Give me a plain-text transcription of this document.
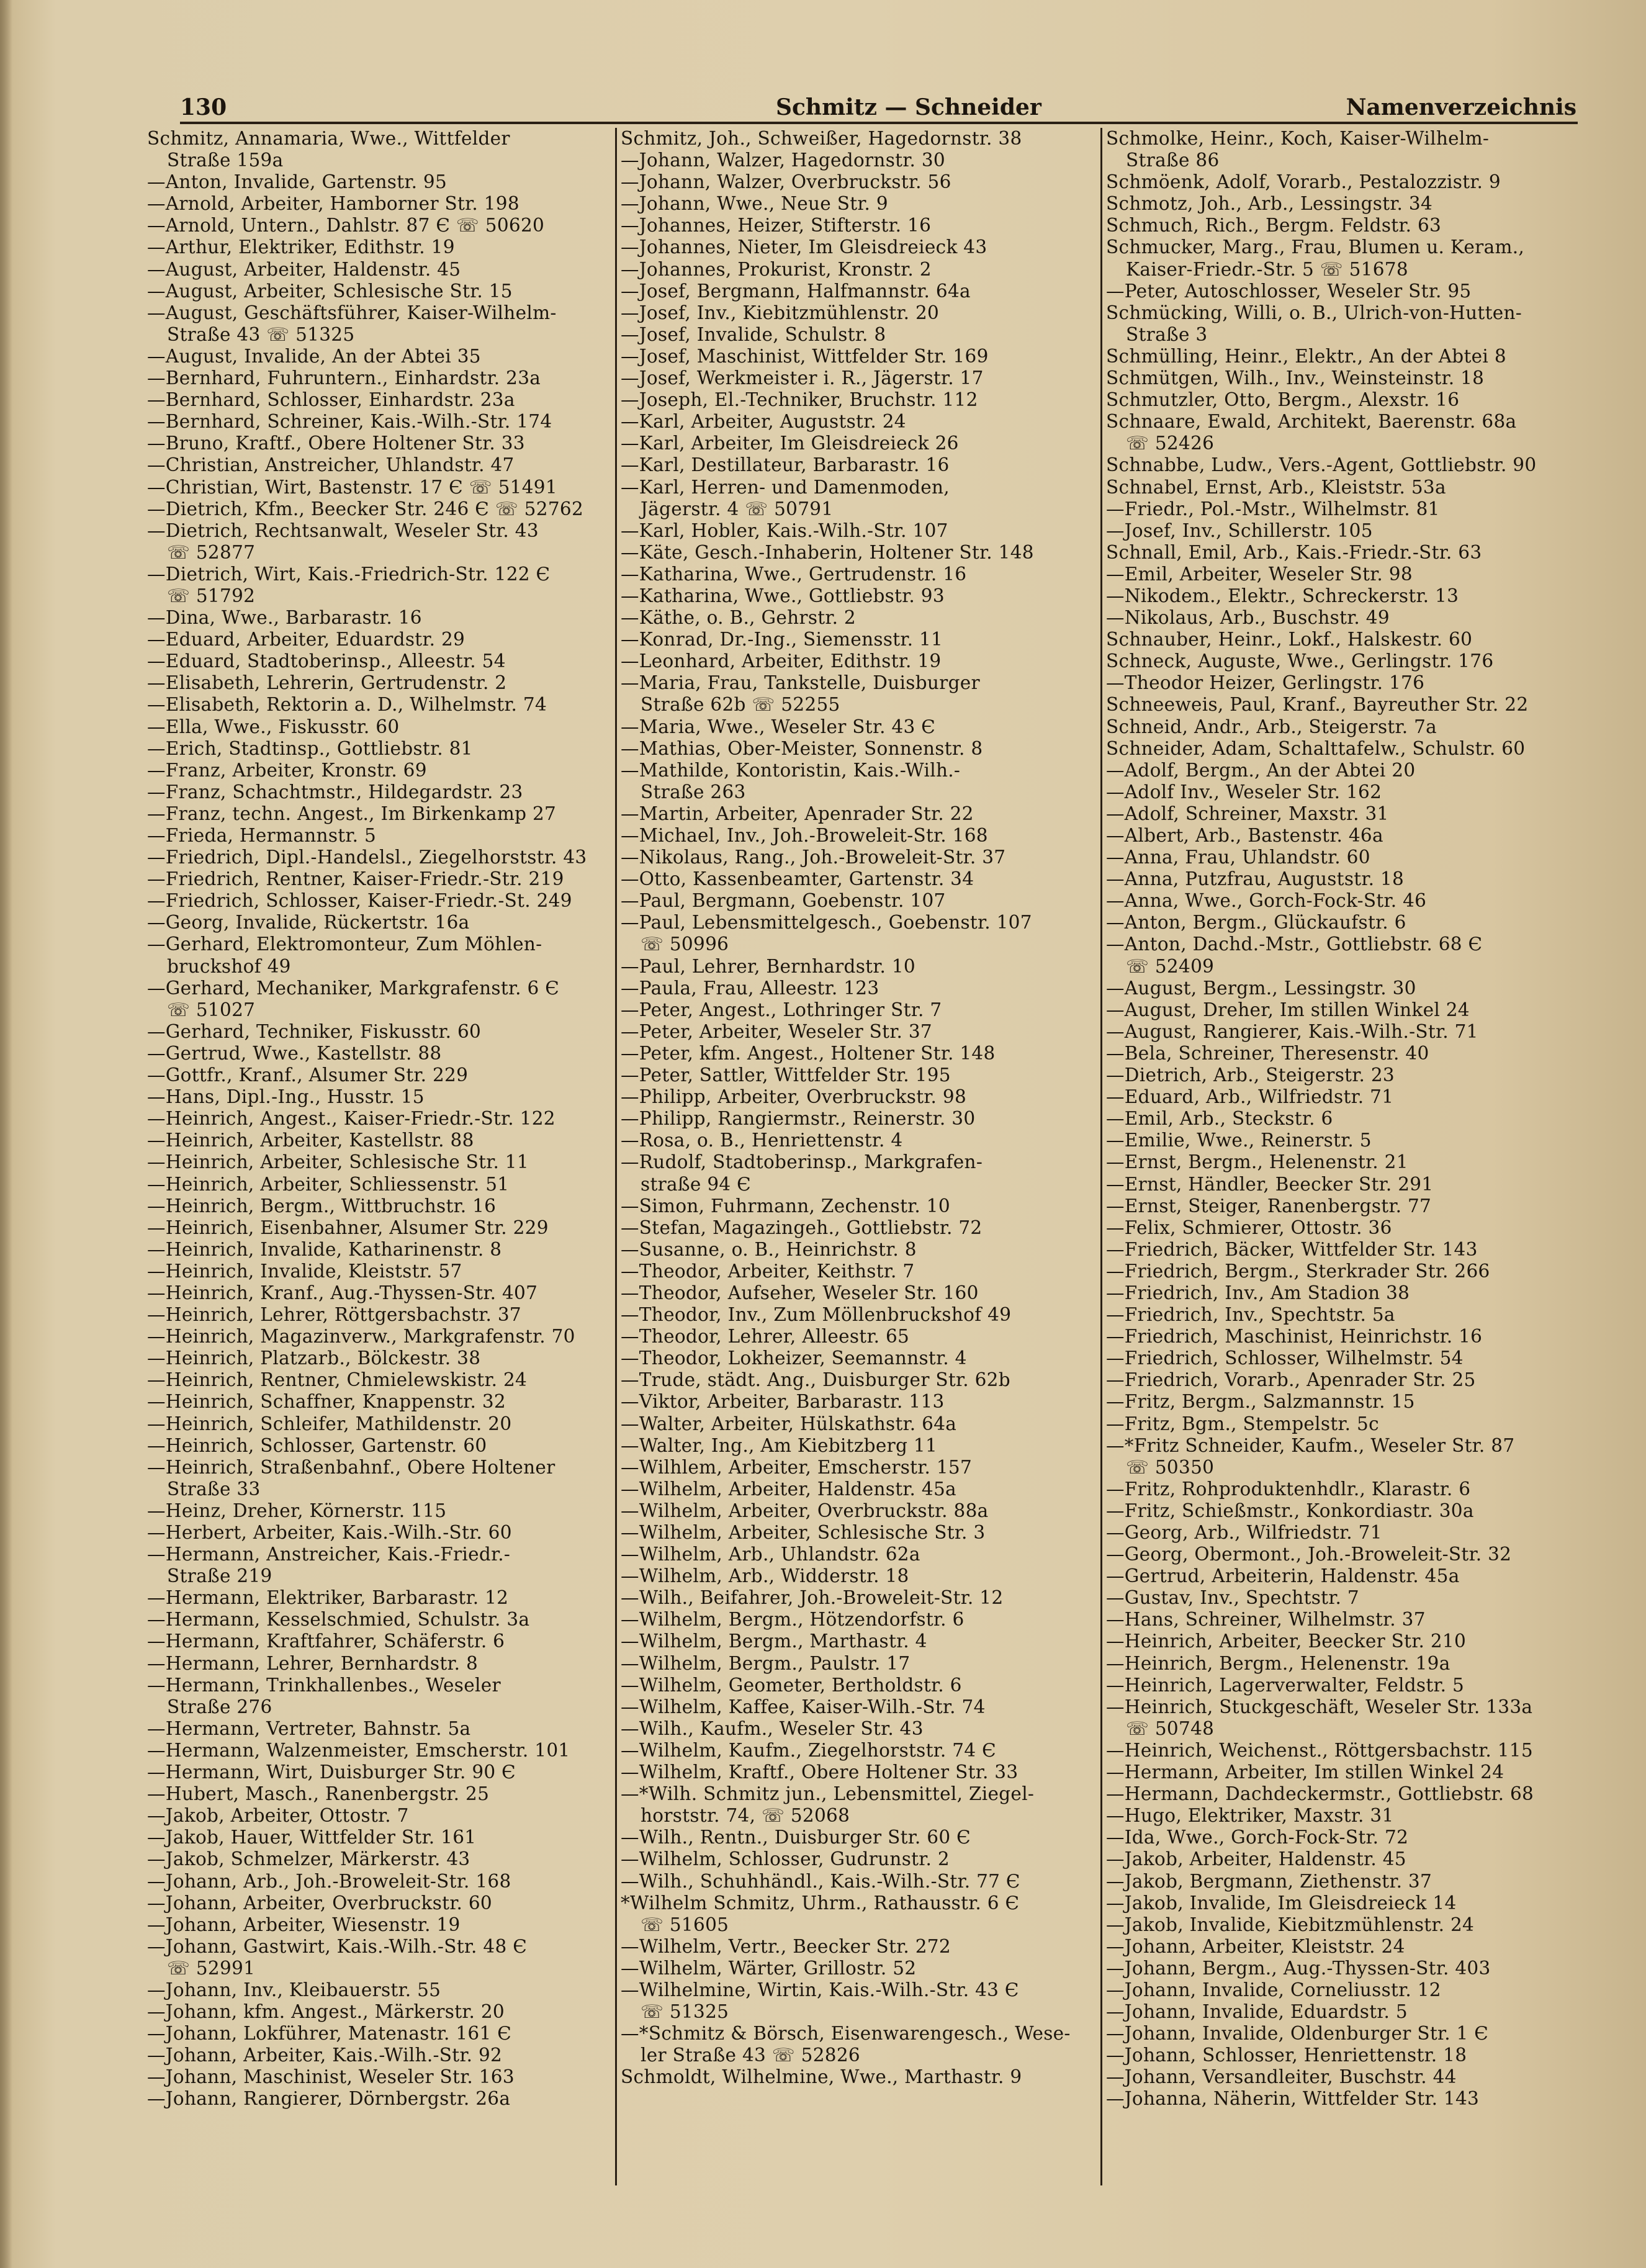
130	Schmitz — Schneider	Namenverzeichnis
Schmitz, Annamaria, Wwe., Wittfelder
Straße 159a
—Anton, Invalide, Gartenstr. 95
—Arnold, Arbeiter, Hamborner Str. 198
—Arnold, Untern., Dahlstr. 87 Є ☏ 50620
—Arthur, Elektriker, Edithstr. 19
—August, Arbeiter, Haldenstr. 45
—August, Arbeiter, Schlesische Str. 15
—August, Geschäftsführer, Kaiser-Wilhelm-
Straße 43 ☏ 51325
—August, Invalide, An der Abtei 35
—Bernhard, Fuhruntern., Einhardstr. 23a
—Bernhard, Schlosser, Einhardstr. 23a
—Bernhard, Schreiner, Kais.-Wilh.-Str. 174
—Bruno, Kraftf., Obere Holtener Str. 33
—Christian, Anstreicher, Uhlandstr. 47
—Christian, Wirt, Bastenstr. 17 Є ☏ 51491
—Dietrich, Kfm., Beecker Str. 246 Є ☏ 52762
—Dietrich, Rechtsanwalt, Weseler Str. 43
☏ 52877
—Dietrich, Wirt, Kais.-Friedrich-Str. 122 Є
☏ 51792
—Dina, Wwe., Barbarastr. 16
—Eduard, Arbeiter, Eduardstr. 29
—Eduard, Stadtoberinsp., Alleestr. 54
—Elisabeth, Lehrerin, Gertrudenstr. 2
—Elisabeth, Rektorin a. D., Wilhelmstr. 74
—Ella, Wwe., Fiskusstr. 60
—Erich, Stadtinsp., Gottliebstr. 81
—Franz, Arbeiter, Kronstr. 69
—Franz, Schachtmstr., Hildegardstr. 23
—Franz, techn. Angest., Im Birkenkamp 27
—Frieda, Hermannstr. 5
—Friedrich, Dipl.-Handelsl., Ziegelhorststr. 43
—Friedrich, Rentner, Kaiser-Friedr.-Str. 219
—Friedrich, Schlosser, Kaiser-Friedr.-St. 249
—Georg, Invalide, Rückertstr. 16a
—Gerhard, Elektromonteur, Zum Möhlen-
bruckshof 49
—Gerhard, Mechaniker, Markgrafenstr. 6 Є
☏ 51027
—Gerhard, Techniker, Fiskusstr. 60
—Gertrud, Wwe., Kastellstr. 88
—Gottfr., Kranf., Alsumer Str. 229
—Hans, Dipl.-Ing., Husstr. 15
—Heinrich, Angest., Kaiser-Friedr.-Str. 122
—Heinrich, Arbeiter, Kastellstr. 88
—Heinrich, Arbeiter, Schlesische Str. 11
—Heinrich, Arbeiter, Schliessenstr. 51
—Heinrich, Bergm., Wittbruchstr. 16
—Heinrich, Eisenbahner, Alsumer Str. 229
—Heinrich, Invalide, Katharinenstr. 8
—Heinrich, Invalide, Kleiststr. 57
—Heinrich, Kranf., Aug.-Thyssen-Str. 407
—Heinrich, Lehrer, Röttgersbachstr. 37
—Heinrich, Magazinverw., Markgrafenstr. 70
—Heinrich, Platzarb., Bölckestr. 38
—Heinrich, Rentner, Chmielewskistr. 24
—Heinrich, Schaffner, Knappenstr. 32
—Heinrich, Schleifer, Mathildenstr. 20
—Heinrich, Schlosser, Gartenstr. 60
—Heinrich, Straßenbahnf., Obere Holtener
Straße 33
—Heinz, Dreher, Körnerstr. 115
—Herbert, Arbeiter, Kais.-Wilh.-Str. 60
—Hermann, Anstreicher, Kais.-Friedr.-
Straße 219
—Hermann, Elektriker, Barbarastr. 12
—Hermann, Kesselschmied, Schulstr. 3a
—Hermann, Kraftfahrer, Schäferstr. 6
—Hermann, Lehrer, Bernhardstr. 8
—Hermann, Trinkhallenbes., Weseler
Straße 276
—Hermann, Vertreter, Bahnstr. 5a
—Hermann, Walzenmeister, Emscherstr. 101
—Hermann, Wirt, Duisburger Str. 90 Є
—Hubert, Masch., Ranenbergstr. 25
—Jakob, Arbeiter, Ottostr. 7
—Jakob, Hauer, Wittfelder Str. 161
—Jakob, Schmelzer, Märkerstr. 43
—Johann, Arb., Joh.-Broweleit-Str. 168
—Johann, Arbeiter, Overbruckstr. 60
—Johann, Arbeiter, Wiesenstr. 19
—Johann, Gastwirt, Kais.-Wilh.-Str. 48 Є
☏ 52991
—Johann, Inv., Kleibauerstr. 55
—Johann, kfm. Angest., Märkerstr. 20
—Johann, Lokführer, Matenastr. 161 Є
—Johann, Arbeiter, Kais.-Wilh.-Str. 92
—Johann, Maschinist, Weseler Str. 163
—Johann, Rangierer, Dörnbergstr. 26a
Schmitz, Joh., Schweißer, Hagedornstr. 38
—Johann, Walzer, Hagedornstr. 30
—Johann, Walzer, Overbruckstr. 56
—Johann, Wwe., Neue Str. 9
—Johannes, Heizer, Stifterstr. 16
—Johannes, Nieter, Im Gleisdreieck 43
—Johannes, Prokurist, Kronstr. 2
—Josef, Bergmann, Halfmannstr. 64a
—Josef, Inv., Kiebitzmühlenstr. 20
—Josef, Invalide, Schulstr. 8
—Josef, Maschinist, Wittfelder Str. 169
—Josef, Werkmeister i. R., Jägerstr. 17
—Joseph, El.-Techniker, Bruchstr. 112
—Karl, Arbeiter, Auguststr. 24
—Karl, Arbeiter, Im Gleisdreieck 26
—Karl, Destillateur, Barbarastr. 16
—Karl, Herren- und Damenmoden,
Jägerstr. 4 ☏ 50791
—Karl, Hobler, Kais.-Wilh.-Str. 107
—Käte, Gesch.-Inhaberin, Holtener Str. 148
—Katharina, Wwe., Gertrudenstr. 16
—Katharina, Wwe., Gottliebstr. 93
—Käthe, o. B., Gehrstr. 2
—Konrad, Dr.-Ing., Siemensstr. 11
—Leonhard, Arbeiter, Edithstr. 19
—Maria, Frau, Tankstelle, Duisburger
Straße 62b ☏ 52255
—Maria, Wwe., Weseler Str. 43 Є
—Mathias, Ober-Meister, Sonnenstr. 8
—Mathilde, Kontoristin, Kais.-Wilh.-
Straße 263
—Martin, Arbeiter, Apenrader Str. 22
—Michael, Inv., Joh.-Broweleit-Str. 168
—Nikolaus, Rang., Joh.-Broweleit-Str. 37
—Otto, Kassenbeamter, Gartenstr. 34
—Paul, Bergmann, Goebenstr. 107
—Paul, Lebensmittelgesch., Goebenstr. 107
☏ 50996
—Paul, Lehrer, Bernhardstr. 10
—Paula, Frau, Alleestr. 123
—Peter, Angest., Lothringer Str. 7
—Peter, Arbeiter, Weseler Str. 37
—Peter, kfm. Angest., Holtener Str. 148
—Peter, Sattler, Wittfelder Str. 195
—Philipp, Arbeiter, Overbruckstr. 98
—Philipp, Rangiermstr., Reinerstr. 30
—Rosa, o. B., Henriettenstr. 4
—Rudolf, Stadtoberinsp., Markgrafen-
straße 94 Є
—Simon, Fuhrmann, Zechenstr. 10
—Stefan, Magazingeh., Gottliebstr. 72
—Susanne, o. B., Heinrichstr. 8
—Theodor, Arbeiter, Keithstr. 7
—Theodor, Aufseher, Weseler Str. 160
—Theodor, Inv., Zum Möllenbruckshof 49
—Theodor, Lehrer, Alleestr. 65
—Theodor, Lokheizer, Seemannstr. 4
—Trude, städt. Ang., Duisburger Str. 62b
—Viktor, Arbeiter, Barbarastr. 113
—Walter, Arbeiter, Hülskathstr. 64a
—Walter, Ing., Am Kiebitzberg 11
—Wilhlem, Arbeiter, Emscherstr. 157
—Wilhelm, Arbeiter, Haldenstr. 45a
—Wilhelm, Arbeiter, Overbruckstr. 88a
—Wilhelm, Arbeiter, Schlesische Str. 3
—Wilhelm, Arb., Uhlandstr. 62a
—Wilhelm, Arb., Widderstr. 18
—Wilh., Beifahrer, Joh.-Broweleit-Str. 12
—Wilhelm, Bergm., Hötzendorfstr. 6
—Wilhelm, Bergm., Marthastr. 4
—Wilhelm, Bergm., Paulstr. 17
—Wilhelm, Geometer, Bertholdstr. 6
—Wilhelm, Kaffee, Kaiser-Wilh.-Str. 74
—Wilh., Kaufm., Weseler Str. 43
—Wilhelm, Kaufm., Ziegelhorststr. 74 Є
—Wilhelm, Kraftf., Obere Holtener Str. 33
—*Wilh. Schmitz jun., Lebensmittel, Ziegel-
horststr. 74, ☏ 52068
—Wilh., Rentn., Duisburger Str. 60 Є
—Wilhelm, Schlosser, Gudrunstr. 2
—Wilh., Schuhhändl., Kais.-Wilh.-Str. 77 Є
*Wilhelm Schmitz, Uhrm., Rathausstr. 6 Є
☏ 51605
—Wilhelm, Vertr., Beecker Str. 272
—Wilhelm, Wärter, Grillostr. 52
—Wilhelmine, Wirtin, Kais.-Wilh.-Str. 43 Є
☏ 51325
—*Schmitz & Börsch, Eisenwarengesch., Wese-
ler Straße 43 ☏ 52826
Schmoldt, Wilhelmine, Wwe., Marthastr. 9
Schmolke, Heinr., Koch, Kaiser-Wilhelm-
Straße 86
Schmöenk, Adolf, Vorarb., Pestalozzistr. 9
Schmotz, Joh., Arb., Lessingstr. 34
Schmuch, Rich., Bergm. Feldstr. 63
Schmucker, Marg., Frau, Blumen u. Keram.,
Kaiser-Friedr.-Str. 5 ☏ 51678
—Peter, Autoschlosser, Weseler Str. 95
Schmücking, Willi, o. B., Ulrich-von-Hutten-
Straße 3
Schmülling, Heinr., Elektr., An der Abtei 8
Schmütgen, Wilh., Inv., Weinsteinstr. 18
Schmutzler, Otto, Bergm., Alexstr. 16
Schnaare, Ewald, Architekt, Baerenstr. 68a
☏ 52426
Schnabbe, Ludw., Vers.-Agent, Gottliebstr. 90
Schnabel, Ernst, Arb., Kleiststr. 53a
—Friedr., Pol.-Mstr., Wilhelmstr. 81
—Josef, Inv., Schillerstr. 105
Schnall, Emil, Arb., Kais.-Friedr.-Str. 63
—Emil, Arbeiter, Weseler Str. 98
—Nikodem., Elektr., Schreckerstr. 13
—Nikolaus, Arb., Buschstr. 49
Schnauber, Heinr., Lokf., Halskestr. 60
Schneck, Auguste, Wwe., Gerlingstr. 176
—Theodor Heizer, Gerlingstr. 176
Schneeweis, Paul, Kranf., Bayreuther Str. 22
Schneid, Andr., Arb., Steigerstr. 7a
Schneider, Adam, Schalttafelw., Schulstr. 60
—Adolf, Bergm., An der Abtei 20
—Adolf Inv., Weseler Str. 162
—Adolf, Schreiner, Maxstr. 31
—Albert, Arb., Bastenstr. 46a
—Anna, Frau, Uhlandstr. 60
—Anna, Putzfrau, Auguststr. 18
—Anna, Wwe., Gorch-Fock-Str. 46
—Anton, Bergm., Glückaufstr. 6
—Anton, Dachd.-Mstr., Gottliebstr. 68 Є
☏ 52409
—August, Bergm., Lessingstr. 30
—August, Dreher, Im stillen Winkel 24
—August, Rangierer, Kais.-Wilh.-Str. 71
—Bela, Schreiner, Theresenstr. 40
—Dietrich, Arb., Steigerstr. 23
—Eduard, Arb., Wilfriedstr. 71
—Emil, Arb., Steckstr. 6
—Emilie, Wwe., Reinerstr. 5
—Ernst, Bergm., Helenenstr. 21
—Ernst, Händler, Beecker Str. 291
—Ernst, Steiger, Ranenbergstr. 77
—Felix, Schmierer, Ottostr. 36
—Friedrich, Bäcker, Wittfelder Str. 143
—Friedrich, Bergm., Sterkrader Str. 266
—Friedrich, Inv., Am Stadion 38
—Friedrich, Inv., Spechtstr. 5a
—Friedrich, Maschinist, Heinrichstr. 16
—Friedrich, Schlosser, Wilhelmstr. 54
—Friedrich, Vorarb., Apenrader Str. 25
—Fritz, Bergm., Salzmannstr. 15
—Fritz, Bgm., Stempelstr. 5c
—*Fritz Schneider, Kaufm., Weseler Str. 87
☏ 50350
—Fritz, Rohproduktenhdlr., Klarastr. 6
—Fritz, Schießmstr., Konkordiastr. 30a
—Georg, Arb., Wilfriedstr. 71
—Georg, Obermont., Joh.-Broweleit-Str. 32
—Gertrud, Arbeiterin, Haldenstr. 45a
—Gustav, Inv., Spechtstr. 7
—Hans, Schreiner, Wilhelmstr. 37
—Heinrich, Arbeiter, Beecker Str. 210
—Heinrich, Bergm., Helenenstr. 19a
—Heinrich, Lagerverwalter, Feldstr. 5
—Heinrich, Stuckgeschäft, Weseler Str. 133a
☏ 50748
—Heinrich, Weichenst., Röttgersbachstr. 115
—Hermann, Arbeiter, Im stillen Winkel 24
—Hermann, Dachdeckermstr., Gottliebstr. 68
—Hugo, Elektriker, Maxstr. 31
—Ida, Wwe., Gorch-Fock-Str. 72
—Jakob, Arbeiter, Haldenstr. 45
—Jakob, Bergmann, Ziethenstr. 37
—Jakob, Invalide, Im Gleisdreieck 14
—Jakob, Invalide, Kiebitzmühlenstr. 24
—Johann, Arbeiter, Kleiststr. 24
—Johann, Bergm., Aug.-Thyssen-Str. 403
—Johann, Invalide, Corneliusstr. 12
—Johann, Invalide, Eduardstr. 5
—Johann, Invalide, Oldenburger Str. 1 Є
—Johann, Schlosser, Henriettenstr. 18
—Johann, Versandleiter, Buschstr. 44
—Johanna, Näherin, Wittfelder Str. 143
